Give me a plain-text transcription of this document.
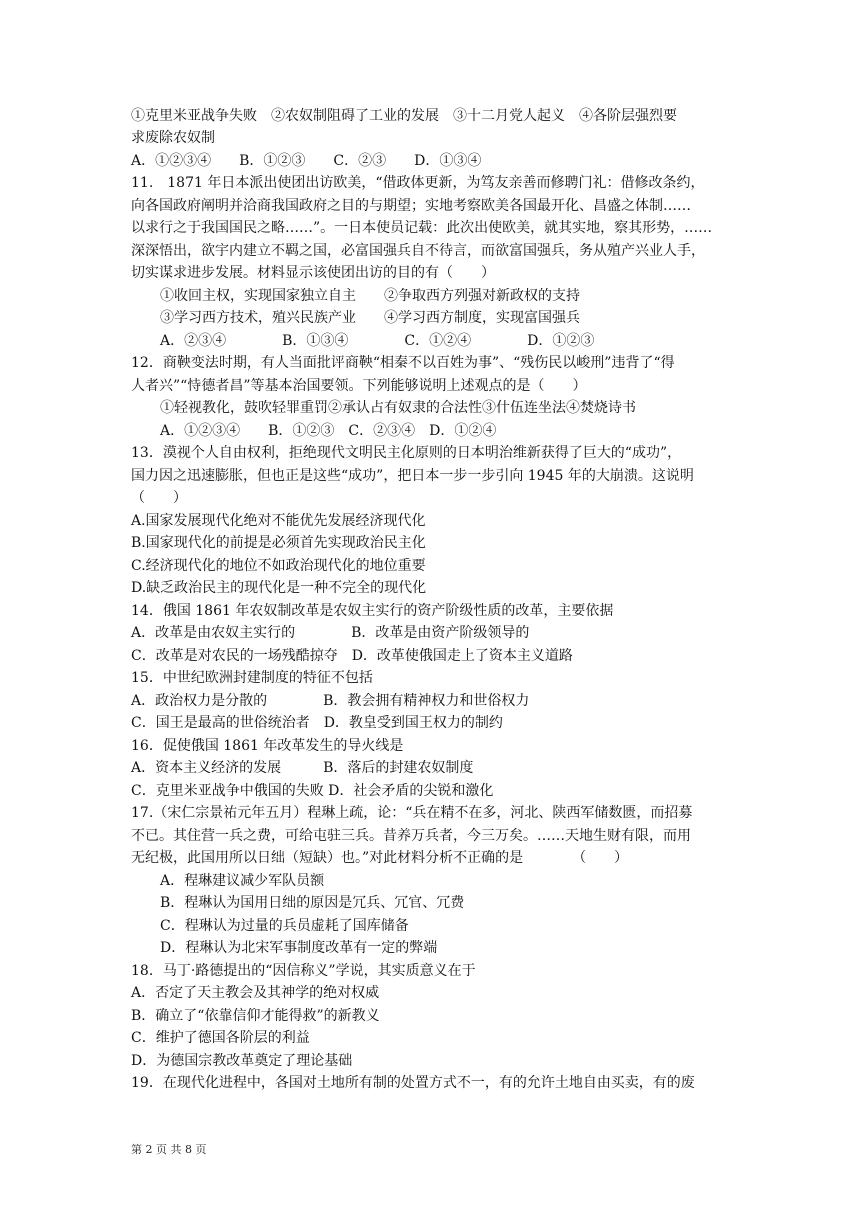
①克里米亚战争失败　②农奴制阻碍了工业的发展　③十二月党人起义　④各阶层强烈要
求废除农奴制
A．①②③④　　B．①②③　　C．②③　　D．①③④
11.　1871 年日本派出使团出访欧美，“借政体更新，为笃友亲善而修聘门礼：借修改条约，
向各国政府阐明并洽商我国政府之目的与期望；实地考察欧美各国最开化、昌盛之体制……
以求行之于我国国民之略……”。一日本使员记载：此次出使欧美，就其实地，察其形势，……
深深悟出，欲宇内建立不羁之国，必富国强兵自不待言，而欲富国强兵，务从殖产兴业人手，
切实谋求进步发展。材料显示该使团出访的目的有（　　）
①收回主权，实现国家独立自主　　②争取西方列强对新政权的支持
③学习西方技术，殖兴民族产业　　④学习西方制度，实现富国强兵
A．②③④　　　　B．①③④　　　　C．①②④　　　　D．①②③
12．商鞅变法时期，有人当面批评商鞅“相秦不以百姓为事”、“残伤民以峻刑”违背了“得
人者兴”“恃德者昌”等基本治国要领。下列能够说明上述观点的是（　　）
①轻视教化，鼓吹轻罪重罚②承认占有奴隶的合法性③什伍连坐法④焚烧诗书
A．①②③④　　B．①②③　C．②③④　D．①②④
13．漠视个人自由权利，拒绝现代文明民主化原则的日本明治维新获得了巨大的“成功”，
国力因之迅速膨胀，但也正是这些“成功”，把日本一步一步引向 1945 年的大崩溃。这说明
（　　）
A.国家发展现代化绝对不能优先发展经济现代化
B.国家现代化的前提是必须首先实现政治民主化
C.经济现代化的地位不如政治现代化的地位重要
D.缺乏政治民主的现代化是一种不完全的现代化
14．俄国 1861 年农奴制改革是农奴主实行的资产阶级性质的改革，主要依据
A．改革是由农奴主实行的　　　　B．改革是由资产阶级领导的
C．改革是对农民的一场残酷掠夺　D．改革使俄国走上了资本主义道路
15．中世纪欧洲封建制度的特征不包括
A．政治权力是分散的　　　　B．教会拥有精神权力和世俗权力
C．国王是最高的世俗统治者　D．教皇受到国王权力的制约
16．促使俄国 1861 年改革发生的导火线是
A．资本主义经济的发展　　　B．落后的封建农奴制度
C．克里米亚战争中俄国的失败 D．社会矛盾的尖锐和激化
17.（宋仁宗景祐元年五月）程琳上疏，论：“兵在精不在多，河北、陕西军储数匮，而招募
不已。其住营一兵之费，可给屯驻三兵。昔养万兵者，今三万矣。……天地生财有限，而用
无纪极，此国用所以日绌（短缺）也。”对此材料分析不正确的是　　　　（　　）
A．程琳建议减少军队员额
B．程琳认为国用日绌的原因是冗兵、冗官、冗费
C．程琳认为过量的兵员虚耗了国库储备
D．程琳认为北宋军事制度改革有一定的弊端
18．马丁·路德提出的“因信称义”学说，其实质意义在于
A．否定了天主教会及其神学的绝对权威
B．确立了“依靠信仰才能得救”的新教义
C．维护了德国各阶层的利益
D．为德国宗教改革奠定了理论基础
19．在现代化进程中，各国对土地所有制的处置方式不一，有的允许土地自由买卖，有的废
第 2 页 共 8 页
